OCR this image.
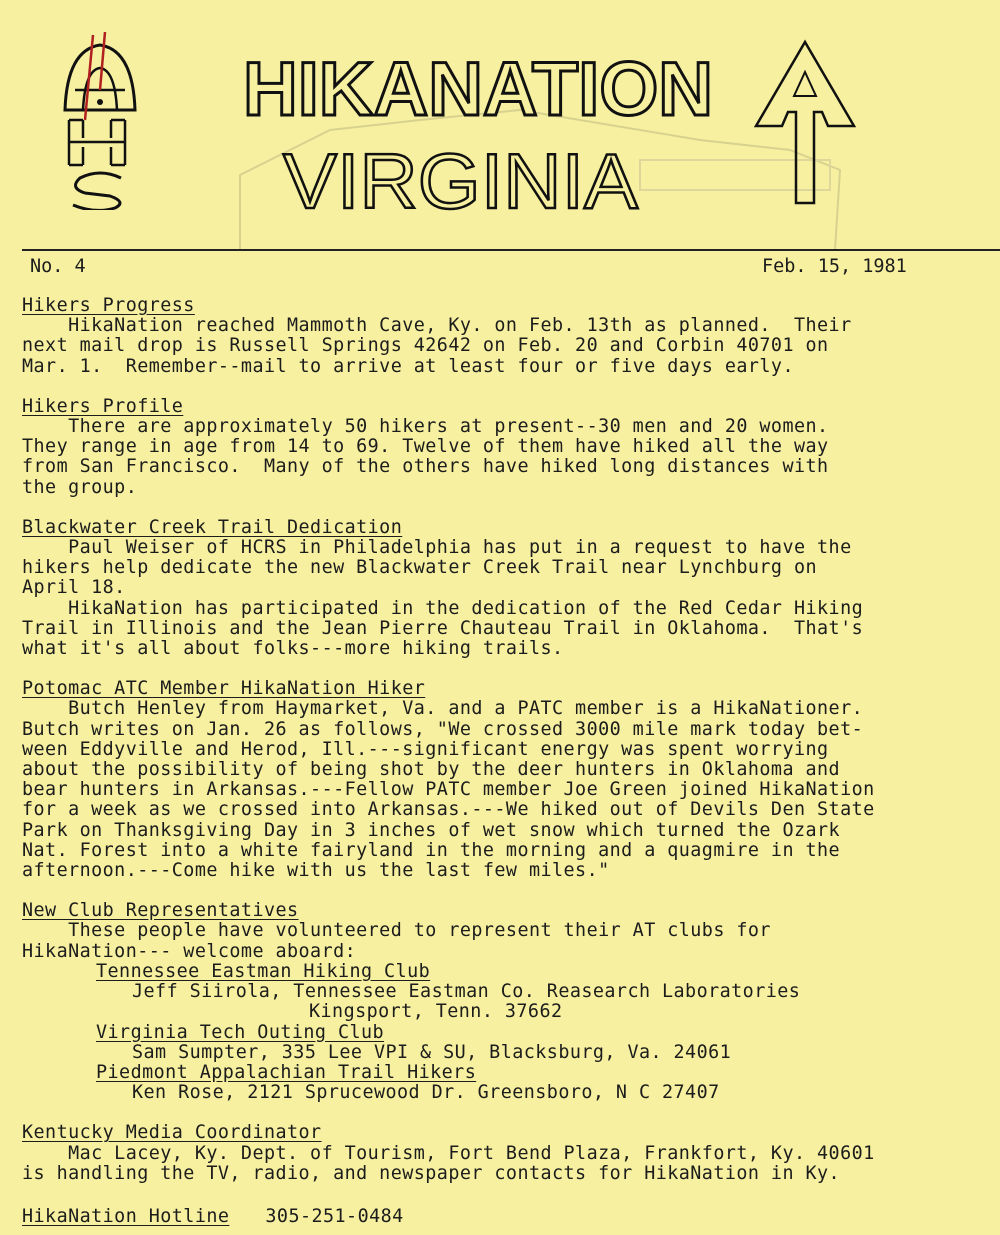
HIKANATION
VIRGINIA
No. 4	Feb. 15, 1981
Hikers Progress
HikaNation reached Mammoth Cave, Ky. on Feb. 13th as planned.  Their
next mail drop is Russell Springs 42642 on Feb. 20 and Corbin 40701 on
Mar. 1.  Remember--mail to arrive at least four or five days early.
Hikers Profile
There are approximately 50 hikers at present--30 men and 20 women.
They range in age from 14 to 69. Twelve of them have hiked all the way
from San Francisco.  Many of the others have hiked long distances with
the group.
Blackwater Creek Trail Dedication
Paul Weiser of HCRS in Philadelphia has put in a request to have the
hikers help dedicate the new Blackwater Creek Trail near Lynchburg on
April 18.
HikaNation has participated in the dedication of the Red Cedar Hiking
Trail in Illinois and the Jean Pierre Chauteau Trail in Oklahoma.  That's
what it's all about folks---more hiking trails.
Potomac ATC Member HikaNation Hiker
Butch Henley from Haymarket, Va. and a PATC member is a HikaNationer.
Butch writes on Jan. 26 as follows, "We crossed 3000 mile mark today bet-
ween Eddyville and Herod, Ill.---significant energy was spent worrying
about the possibility of being shot by the deer hunters in Oklahoma and
bear hunters in Arkansas.---Fellow PATC member Joe Green joined HikaNation
for a week as we crossed into Arkansas.---We hiked out of Devils Den State
Park on Thanksgiving Day in 3 inches of wet snow which turned the Ozark
Nat. Forest into a white fairyland in the morning and a quagmire in the
afternoon.---Come hike with us the last few miles."
New Club Representatives
These people have volunteered to represent their AT clubs for
HikaNation--- welcome aboard:
Tennessee Eastman Hiking Club
Jeff Siirola, Tennessee Eastman Co. Reasearch Laboratories
Kingsport, Tenn. 37662
Virginia Tech Outing Club
Sam Sumpter, 335 Lee VPI & SU, Blacksburg, Va. 24061
Piedmont Appalachian Trail Hikers
Ken Rose, 2121 Sprucewood Dr. Greensboro, N C 27407
Kentucky Media Coordinator
Mac Lacey, Ky. Dept. of Tourism, Fort Bend Plaza, Frankfort, Ky. 40601
is handling the TV, radio, and newspaper contacts for HikaNation in Ky.
HikaNation Hotline 305-251-0484
